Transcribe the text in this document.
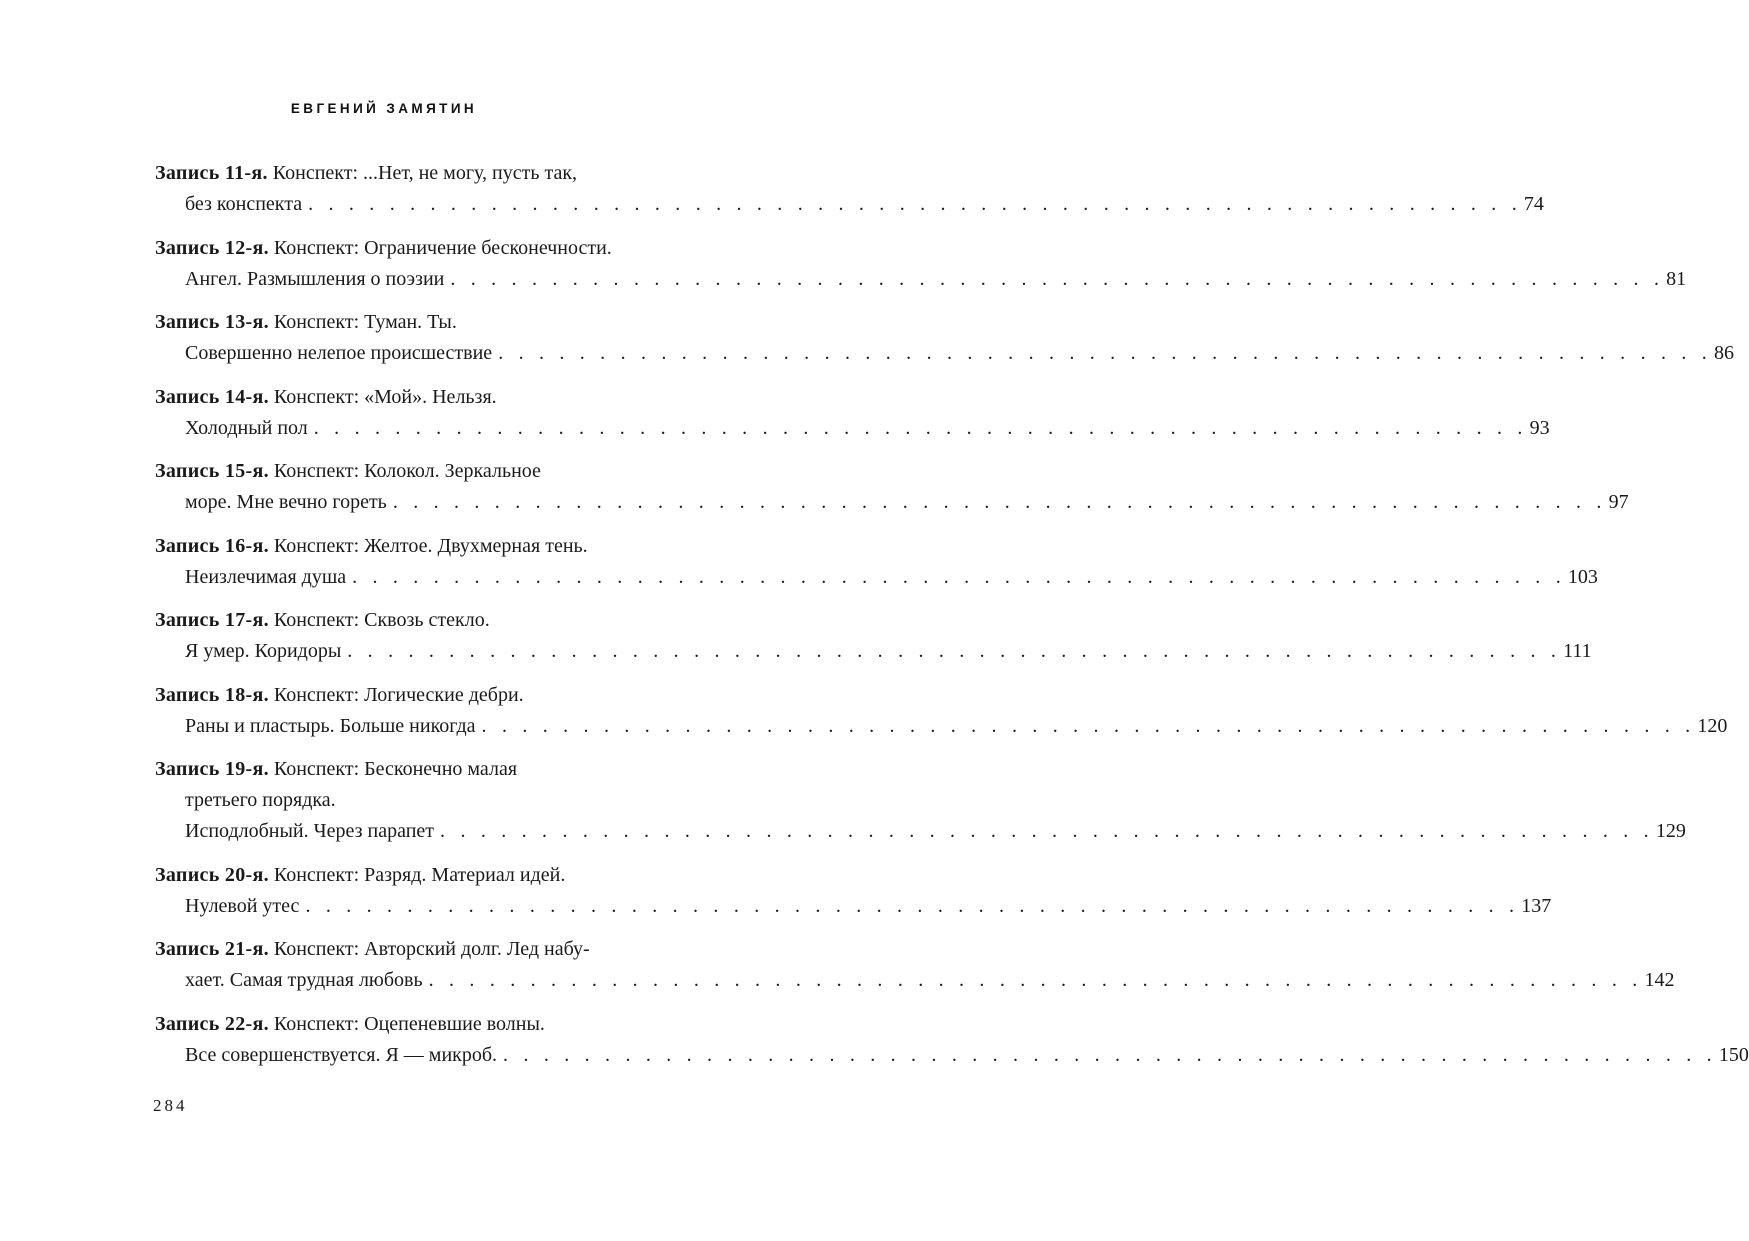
ЕВГЕНИЙ ЗАМЯТИН
Запись 11-я. Конспект: ...Нет, не могу, пусть так,
без конспекта . . . . . . . . . . . . . . . . . . . . . . . . . . . . . . . . . . . . . . . . . . . . . . . . . . . . . . . . . . . . 74
Запись 12-я. Конспект: Ограничение бесконечности.
Ангел. Размышления о поэзии . . . . . . . . . . . . . . . . . . . . . . . . . . . . . . . . . . . . . . . . . . . . . . . . . . . . . . . . . . . . 81
Запись 13-я. Конспект: Туман. Ты.
Совершенно нелепое происшествие . . . . . . . . . . . . . . . . . . . . . . . . . . . . . . . . . . . . . . . . . . . . . . . . . . . . . . . . . . . . 86
Запись 14-я. Конспект: «Мой». Нельзя.
Холодный пол . . . . . . . . . . . . . . . . . . . . . . . . . . . . . . . . . . . . . . . . . . . . . . . . . . . . . . . . . . . . 93
Запись 15-я. Конспект: Колокол. Зеркальное
море. Мне вечно гореть . . . . . . . . . . . . . . . . . . . . . . . . . . . . . . . . . . . . . . . . . . . . . . . . . . . . . . . . . . . . 97
Запись 16-я. Конспект: Желтое. Двухмерная тень.
Неизлечимая душа . . . . . . . . . . . . . . . . . . . . . . . . . . . . . . . . . . . . . . . . . . . . . . . . . . . . . . . . . . . . 103
Запись 17-я. Конспект: Сквозь стекло.
Я умер. Коридоры . . . . . . . . . . . . . . . . . . . . . . . . . . . . . . . . . . . . . . . . . . . . . . . . . . . . . . . . . . . . 111
Запись 18-я. Конспект: Логические дебри.
Раны и пластырь. Больше никогда . . . . . . . . . . . . . . . . . . . . . . . . . . . . . . . . . . . . . . . . . . . . . . . . . . . . . . . . . . . . 120
Запись 19-я. Конспект: Бесконечно малая
третьего порядка.
Исподлобный. Через парапет . . . . . . . . . . . . . . . . . . . . . . . . . . . . . . . . . . . . . . . . . . . . . . . . . . . . . . . . . . . . 129
Запись 20-я. Конспект: Разряд. Материал идей.
Нулевой утес . . . . . . . . . . . . . . . . . . . . . . . . . . . . . . . . . . . . . . . . . . . . . . . . . . . . . . . . . . . . 137
Запись 21-я. Конспект: Авторский долг. Лед набу-
хает. Самая трудная любовь . . . . . . . . . . . . . . . . . . . . . . . . . . . . . . . . . . . . . . . . . . . . . . . . . . . . . . . . . . . . 142
Запись 22-я. Конспект: Оцепеневшие волны.
Все совершенствуется. Я — микроб. . . . . . . . . . . . . . . . . . . . . . . . . . . . . . . . . . . . . . . . . . . . . . . . . . . . . . . . . . . . . 150
284
